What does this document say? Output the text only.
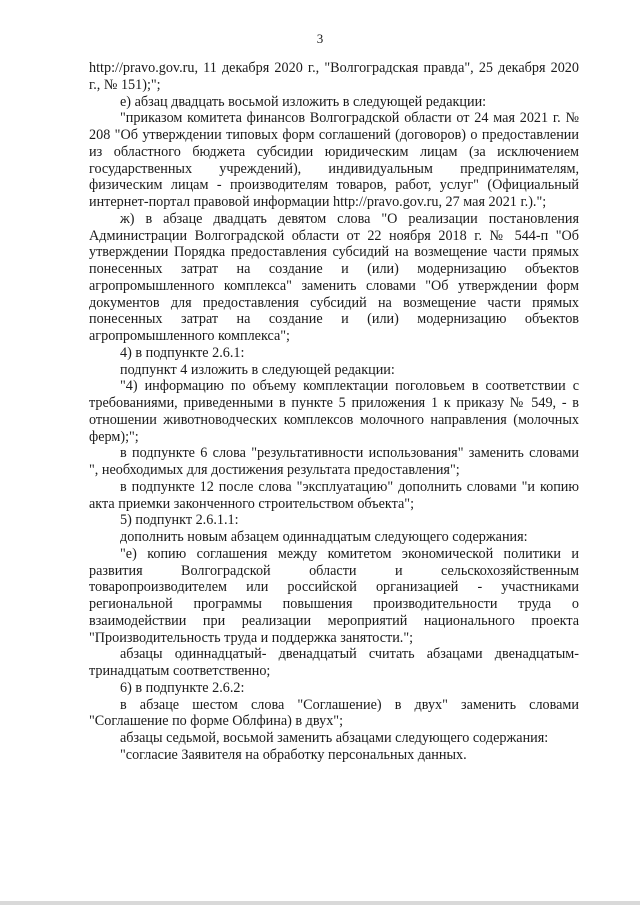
3

http://pravo.gov.ru, 11 декабря 2020 г., "Волгоградская правда", 25 декабря 2020 г., № 151);";

е) абзац двадцать восьмой изложить в следующей редакции:

"приказом комитета финансов Волгоградской области от 24 мая 2021 г. № 208 "Об утверждении типовых форм соглашений (договоров) о предоставлении из областного бюджета субсидии юридическим лицам (за исключением государственных учреждений), индивидуальным предпринимателям, физическим лицам - производителям товаров, работ, услуг" (Официальный интернет-портал правовой информации http://pravo.gov.ru, 27 мая 2021 г.).";

ж) в абзаце двадцать девятом слова "О реализации постановления Администрации Волгоградской области от 22 ноября 2018 г. № 544-п "Об утверждении Порядка предоставления субсидий на возмещение части прямых понесенных затрат на создание и (или) модернизацию объектов агропромышленного комплекса" заменить словами "Об утверждении форм документов для предоставления субсидий на возмещение части прямых понесенных затрат на создание и (или) модернизацию объектов агропромышленного комплекса";

4) в подпункте 2.6.1:

подпункт 4 изложить в следующей редакции:

"4) информацию по объему комплектации поголовьем в соответствии с требованиями, приведенными в пункте 5 приложения 1 к приказу № 549, - в отношении животноводческих комплексов молочного направления (молочных ферм);";

в подпункте 6 слова "результативности использования" заменить словами ", необходимых для достижения результата предоставления";

в подпункте 12 после слова "эксплуатацию" дополнить словами "и копию акта приемки законченного строительством объекта";

5) подпункт 2.6.1.1:

дополнить новым абзацем одиннадцатым следующего содержания:

"е) копию соглашения между комитетом экономической политики и развития Волгоградской области и сельскохозяйственным товаропроизводителем или российской организацией - участниками региональной программы повышения производительности труда о взаимодействии при реализации мероприятий национального проекта "Производительность труда и поддержка занятости.";

абзацы одиннадцатый- двенадцатый считать абзацами двенадцатым-тринадцатым соответственно;

6) в подпункте 2.6.2:

в абзаце шестом слова "Соглашение) в двух" заменить словами "Соглашение по форме Облфина) в двух";

абзацы седьмой, восьмой заменить абзацами следующего содержания:

"согласие Заявителя на обработку персональных данных.
